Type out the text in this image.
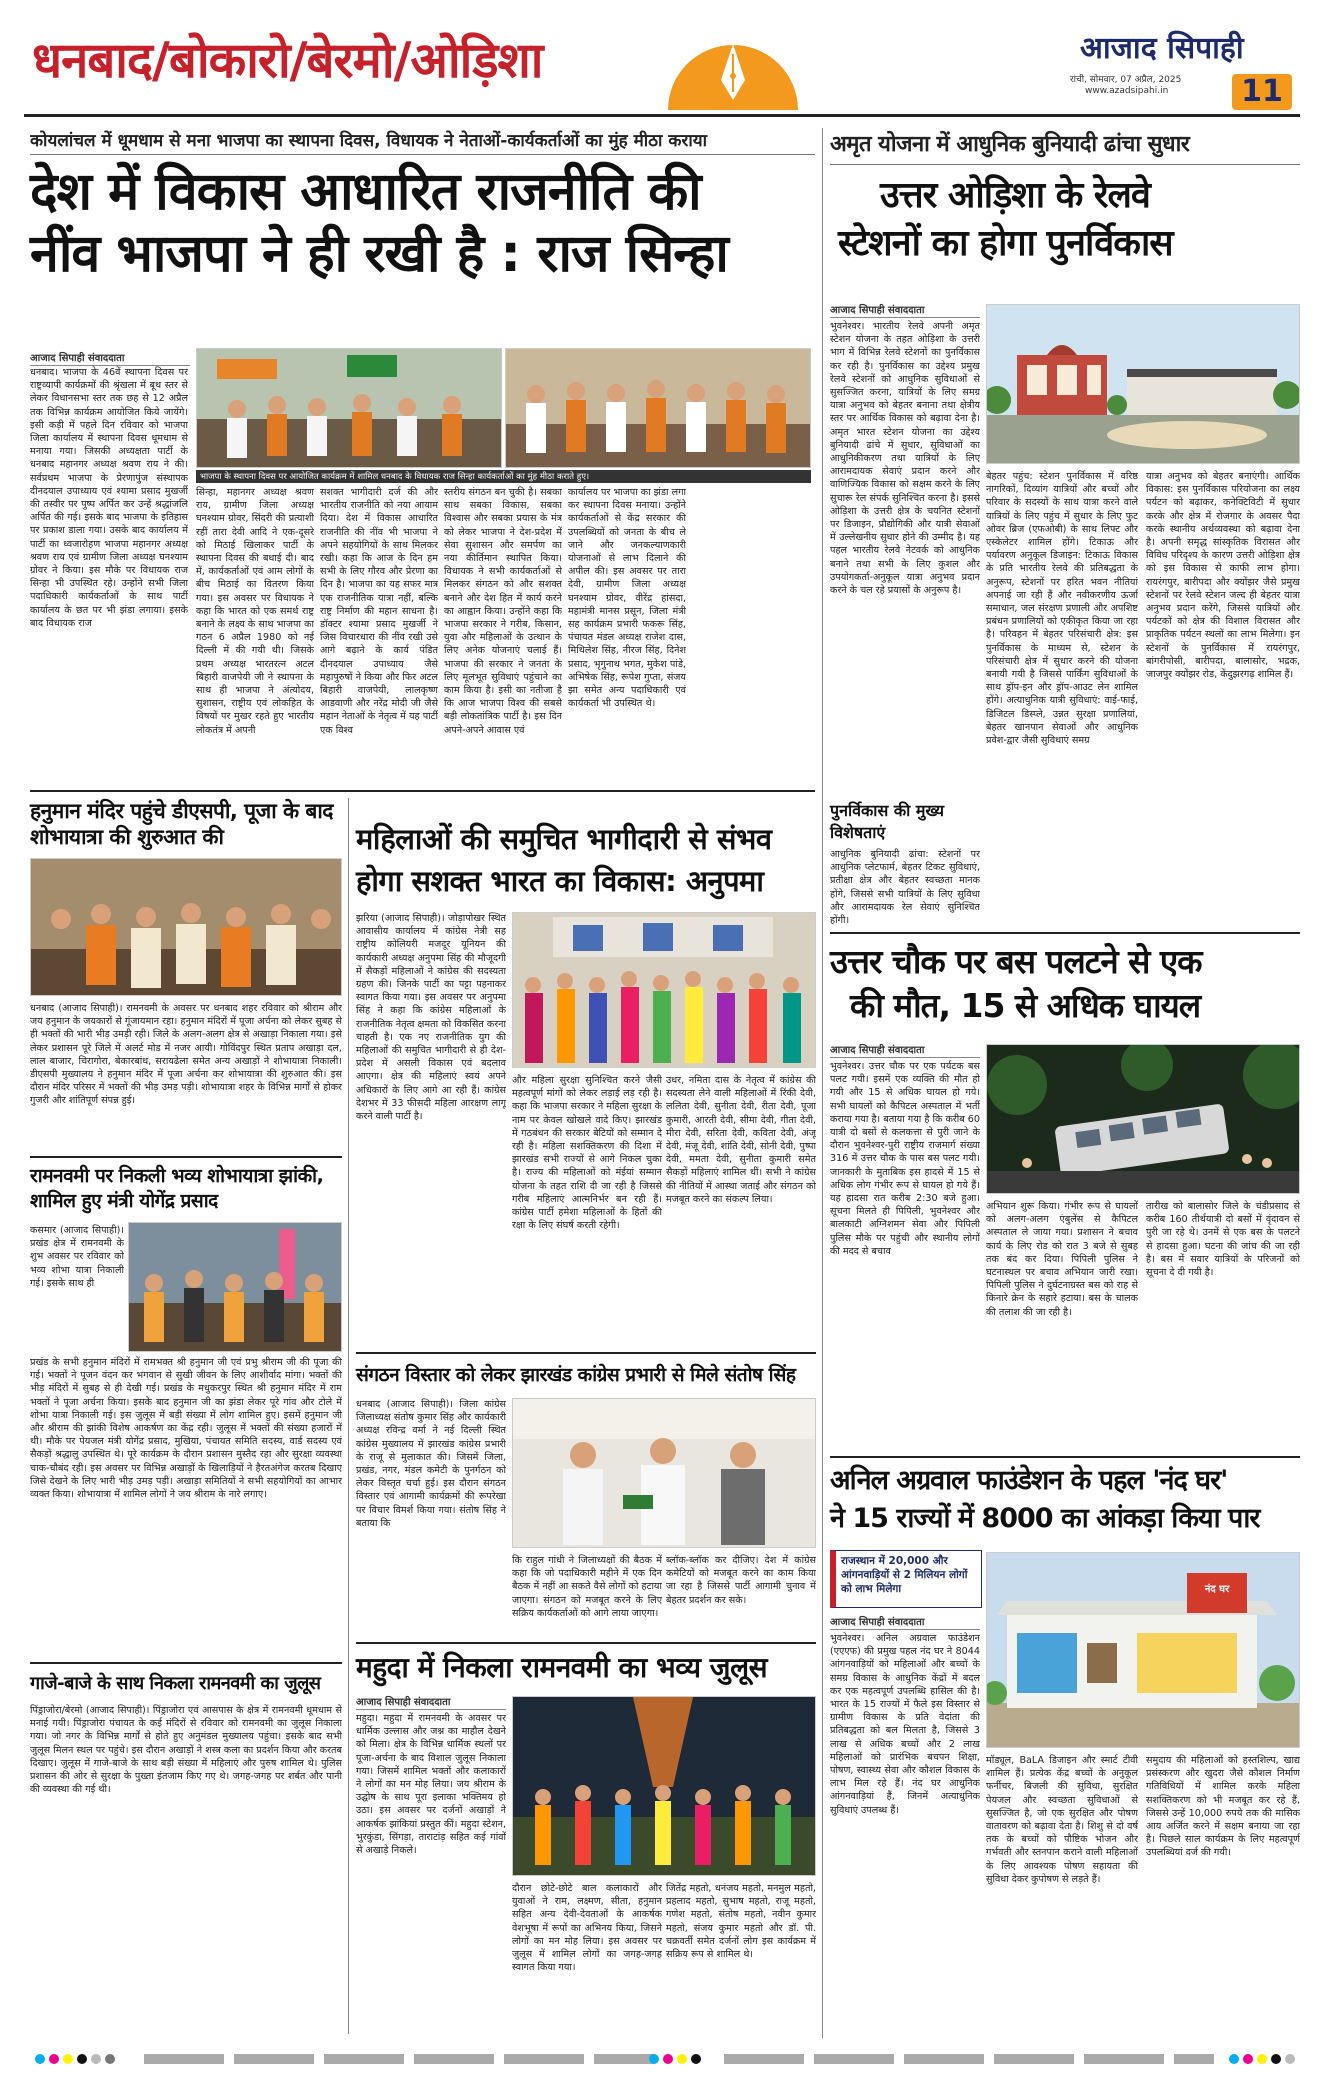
धनबाद/बोकारो/बेरमो/ओड़िशा	आजाद सिपाही
रांची, सोमवार, 07 अप्रैल, 2025
www.azadsipahi.in	11
कोयलांचल में धूमधाम से मना भाजपा का स्थापना दिवस, विधायक ने नेताओं-कार्यकर्ताओं का मुंह मीठा कराया
देश में विकास आधारित राजनीति की
नींव भाजपा ने ही रखी है : राज सिन्हा
आजाद सिपाही संवाददाता
धनबाद। भाजपा के 46वें स्थापना दिवस पर राष्ट्रव्यापी कार्यक्रमों की श्रृंखला में बूथ स्तर से लेकर विधानसभा स्तर तक छह से 12 अप्रैल तक विभिन्न कार्यक्रम आयोजित किये जायेंगे। इसी कड़ी में पहले दिन रविवार को भाजपा जिला कार्यालय में स्थापना दिवस धूमधाम से मनाया गया। जिसकी अध्यक्षता पार्टी के धनबाद महानगर अध्यक्ष श्रवण राय ने की। सर्वप्रथम भाजपा के प्रेरणापुंज संस्थापक दीनदयाल उपाध्याय एवं श्यामा प्रसाद मुखर्जी की तस्वीर पर पुष्प अर्पित कर उन्हें श्रद्धांजलि अर्पित की गई। इसके बाद भाजपा के इतिहास पर प्रकाश डाला गया। उसके बाद कार्यालय में पार्टी का ध्वजारोहण भाजपा महानगर अध्यक्ष श्रवण राय एवं ग्रामीण जिला अध्यक्ष घनश्याम ग्रोवर ने किया। इस मौके पर विधायक राज सिन्हा भी उपस्थित रहे। उन्होंने सभी जिला पदाधिकारी कार्यकर्ताओं के साथ पार्टी कार्यालय के छत पर भी झंडा लगाया। इसके बाद विधायक राज
भाजपा के स्थापना दिवस पर आयोजित कार्यक्रम में शामिल धनबाद के विधायक राज सिन्हा कार्यकर्ताओं का मुंह मीठा कराते हुए।
सिन्हा, महानगर अध्यक्ष श्रवण राय, ग्रामीण जिला अध्यक्ष घनश्याम ग्रोवर, सिंदरी की प्रत्याशी रहीं तारा देवी आदि ने एक-दूसरे को मिठाई खिलाकर पार्टी के स्थापना दिवस की बधाई दी। बाद में, कार्यकर्ताओं एवं आम लोगों के बीच मिठाई का वितरण किया गया। इस अवसर पर विधायक ने कहा कि भारत को एक समर्थ राष्ट्र बनाने के लक्ष्य के साथ भाजपा का गठन 6 अप्रैल 1980 को नई दिल्ली में की गयी थी। जिसके प्रथम अध्यक्ष भारतरत्न अटल बिहारी वाजपेयी जी ने स्थापना के साथ ही भाजपा ने अंत्योदय, सुशासन, राष्ट्रीय एवं लोकहित के विषयों पर मुखर रहते हुए भारतीय लोकतंत्र में अपनी
सशक्त भागीदारी दर्ज की और भारतीय राजनीति को नया आयाम दिया। देश में विकास आधारित राजनीति की नींव भी भाजपा ने अपने सहयोगियों के साथ मिलकर रखी। कहा कि आज के दिन हम सभी के लिए गौरव और प्रेरणा का दिन है। भाजपा का यह सफर मात्र एक राजनीतिक यात्रा नहीं, बल्कि राष्ट्र निर्माण की महान साधना है। डॉक्टर श्यामा प्रसाद मुखर्जी ने जिस विचारधारा की नींव रखी उसे आगे बढ़ाने के कार्य पंडित दीनदयाल उपाध्याय जैसे महापुरुषों ने किया और फिर अटल बिहारी वाजपेयी, लालकृष्ण आडवाणी और नरेंद्र मोदी जी जैसे महान नेताओं के नेतृत्व में यह पार्टी एक विश्व
स्तरीय संगठन बन चुकी है। सबका साथ सबका विकास, सबका विश्वास और सबका प्रयास के मंत्र को लेकर भाजपा ने देश-प्रदेश में सेवा सुशासन और समर्पण का नया कीर्तिमान स्थापित किया। विधायक ने सभी कार्यकर्ताओं से मिलकर संगठन को और सशक्त बनाने और देश हित में कार्य करने का आह्वान किया। उन्होंने कहा कि भाजपा सरकार ने गरीब, किसान, युवा और महिलाओं के उत्थान के लिए अनेक योजनाएं चलाई हैं। भाजपा की सरकार ने जनता के लिए मूलभूत सुविधाएं पहुंचाने का काम किया है। इसी का नतीजा है कि आज भाजपा विश्व की सबसे बड़ी लोकतांत्रिक पार्टी है। इस दिन अपने-अपने आवास एवं
कार्यालय पर भाजपा का झंडा लगा कर स्थापना दिवस मनाया। उन्होंने कार्यकर्ताओं से केंद्र सरकार की उपलब्धियों को जनता के बीच ले जाने और जनकल्याणकारी योजनाओं से लाभ दिलाने की अपील की। इस अवसर पर तारा देवी, ग्रामीण जिला अध्यक्ष घनश्याम ग्रोवर, वीरेंद्र हांसदा, महामंत्री मानस प्रसून, जिला मंत्री सह कार्यक्रम प्रभारी फकरू सिंह, पंचायत मंडल अध्यक्ष राजेश दास, मिथिलेश सिंह, नीरज सिंह, दिनेश प्रसाद, भृगुनाथ भगत, मुकेश पांडे, अभिषेक सिंह, रूपेश गुप्ता, संजय झा समेत अन्य पदाधिकारी एवं कार्यकर्ता भी उपस्थित थे।
हनुमान मंदिर पहुंचे डीएसपी, पूजा के बाद शोभायात्रा की शुरुआत की
धनबाद (आजाद सिपाही)। रामनवमी के अवसर पर धनबाद शहर रविवार को श्रीराम और जय हनुमान के जयकारों से गूंजायमान रहा। हनुमान मंदिरों में पूजा अर्चना को लेकर सुबह से ही भक्तों की भारी भीड़ उमड़ी रही। जिले के अलग-अलग क्षेत्र से अखाड़ा निकाला गया। इसे लेकर प्रशासन पूरे जिले में अलर्ट मोड में नजर आयी। गोविंदपुर स्थित प्रताप अखाड़ा दल, लाल बाजार, चिरागोरा, बेकारबांध, सरायढेला समेत अन्य अखाड़ों ने शोभायात्रा निकाली। डीएसपी मुख्यालय ने हनुमान मंदिर में पूजा अर्चना कर शोभायात्रा की शुरुआत की। इस दौरान मंदिर परिसर में भक्तों की भीड़ उमड़ पड़ी। शोभायात्रा शहर के विभिन्न मार्गों से होकर गुजरी और शांतिपूर्ण संपन्न हुई।
रामनवमी पर निकली भव्य शोभायात्रा झांकी, शामिल हुए मंत्री योगेंद्र प्रसाद
कसमार (आजाद सिपाही)। प्रखंड क्षेत्र में रामनवमी के शुभ अवसर पर रविवार को भव्य शोभा यात्रा निकाली गई। इसके साथ ही
प्रखंड के सभी हनुमान मंदिरों में रामभक्त श्री हनुमान जी एवं प्रभु श्रीराम जी की पूजा की गई। भक्तों ने पूजन वंदन कर भगवान से सुखी जीवन के लिए आशीर्वाद मांगा। भक्तों की भीड़ मंदिरों में सुबह से ही देखी गई। प्रखंड के मधुकरपुर स्थित श्री हनुमान मंदिर में राम भक्तों ने पूजा अर्चना किया। इसके बाद हनुमान जी का झंडा लेकर पूरे गांव और टोले में शोभा यात्रा निकाली गई। इस जुलूस में बड़ी संख्या में लोग शामिल हुए। इसमें हनुमान जी और श्रीराम की झांकी विशेष आकर्षण का केंद्र रही। जुलूस में भक्तों की संख्या हजारों में थी। मौके पर पेयजल मंत्री योगेंद्र प्रसाद, मुखिया, पंचायत समिति सदस्य, वार्ड सदस्य एवं सैकड़ों श्रद्धालु उपस्थित थे। पूरे कार्यक्रम के दौरान प्रशासन मुस्तैद रहा और सुरक्षा व्यवस्था चाक-चौबंद रही। इस अवसर पर विभिन्न अखाड़ों के खिलाड़ियों ने हैरतअंगेज करतब दिखाए जिसे देखने के लिए भारी भीड़ उमड़ पड़ी। अखाड़ा समितियों ने सभी सहयोगियों का आभार व्यक्त किया। शोभायात्रा में शामिल लोगों ने जय श्रीराम के नारे लगाए।
गाजे-बाजे के साथ निकला रामनवमी का जुलूस
पिंड्राजोरा/बेरमो (आजाद सिपाही)। पिंड्राजोरा एवं आसपास के क्षेत्र में रामनवमी धूमधाम से मनाई गयी। पिंड्राजोरा पंचायत के कई मंदिरों से रविवार को रामनवमी का जुलूस निकाला गया। जो नगर के विभिन्न मार्गों से होते हुए अनुमंडल मुख्यालय पहुंचा। इसके बाद सभी जुलूस मिलन स्थल पर पहुंचे। इस दौरान अखाड़ों ने शस्त्र कला का प्रदर्शन किया और करतब दिखाए। जुलूस में गाजे-बाजे के साथ बड़ी संख्या में महिलाएं और पुरुष शामिल थे। पुलिस प्रशासन की ओर से सुरक्षा के पुख्ता इंतजाम किए गए थे। जगह-जगह पर शर्बत और पानी की व्यवस्था की गई थी।
महिलाओं की समुचित भागीदारी से संभव
होगा सशक्त भारत का विकास: अनुपमा
झरिया (आजाद सिपाही)। जोड़ापोखर स्थित आवासीय कार्यालय में कांग्रेस नेत्री सह राष्ट्रीय कोलियरी मजदूर यूनियन की कार्यकारी अध्यक्ष अनुपमा सिंह की मौजूदगी में सैकड़ों महिलाओं ने कांग्रेस की सदस्यता ग्रहण की। जिनके पार्टी का पट्टा पहनाकर स्वागत किया गया। इस अवसर पर अनुपमा सिंह ने कहा कि कांग्रेस महिलाओं के राजनीतिक नेतृत्व क्षमता को विकसित करना चाहती है। एक नए राजनीतिक युग की महिलाओं की समुचित भागीदारी से ही देश-प्रदेश में असली विकास एवं बदलाव आएगा। क्षेत्र की महिलाएं स्वयं अपने अधिकारों के लिए आगे आ रही हैं। कांग्रेस देशभर में 33 फीसदी महिला आरक्षण लागू करने वाली पार्टी है।
और महिला सुरक्षा सुनिश्चित करने जैसी महत्वपूर्ण मांगों को लेकर लड़ाई लड़ रही है। कहा कि भाजपा सरकार ने महिला सुरक्षा के नाम पर केवल खोखले वादे किए। झारखंड में गठबंधन की सरकार बेटियों को सम्मान दे रही है। महिला सशक्तिकरण की दिशा में झारखंड सभी राज्यों से आगे निकल चुका है। राज्य की महिलाओं को मंईयां सम्मान योजना के तहत राशि दी जा रही है जिससे गरीब महिलाएं आत्मनिर्भर बन रही हैं। कांग्रेस पार्टी हमेशा महिलाओं के हितों की रक्षा के लिए संघर्ष करती रहेगी।
उधर, नमिता दास के नेतृत्व में कांग्रेस की सदस्यता लेने वाली महिलाओं में रिंकी देवी, ललिता देवी, सुनीता देवी, रीता देवी, पूजा कुमारी, आरती देवी, सीमा देवी, गीता देवी, मीरा देवी, सरिता देवी, कविता देवी, अंजू देवी, मंजू देवी, शांति देवी, सोनी देवी, पुष्पा देवी, ममता देवी, सुनीता कुमारी समेत सैकड़ों महिलाएं शामिल थीं। सभी ने कांग्रेस की नीतियों में आस्था जताई और संगठन को मजबूत करने का संकल्प लिया।
संगठन विस्तार को लेकर झारखंड कांग्रेस प्रभारी से मिले संतोष सिंह
धनबाद (आजाद सिपाही)। जिला कांग्रेस जिलाध्यक्ष संतोष कुमार सिंह और कार्यकारी अध्यक्ष रविन्द्र वर्मा ने नई दिल्ली स्थित कांग्रेस मुख्यालय में झारखंड कांग्रेस प्रभारी के राजू से मुलाकात की। जिसमें जिला, प्रखंड, नगर, मंडल कमेटी के पुनर्गठन को लेकर विस्तृत चर्चा हुई। इस दौरान संगठन विस्तार एवं आगामी कार्यक्रमों की रूपरेखा पर विचार विमर्श किया गया। संतोष सिंह ने बताया कि
कि राहुल गांधी ने जिलाध्यक्षों की बैठक में कहा कि जो पदाधिकारी महीने में एक दिन बैठक में नहीं आ सकते वैसे लोगों को हटाया जाएगा। संगठन को मजबूत करने के लिए सक्रिय कार्यकर्ताओं को आगे लाया जाएगा।
ब्लॉक-ब्लॉक कर दीजिए। देश में कांग्रेस कमेटियों को मजबूत करने का काम किया जा रहा है जिससे पार्टी आगामी चुनाव में बेहतर प्रदर्शन कर सके।
महुदा में निकला रामनवमी का भव्य जुलूस
आजाद सिपाही संवाददाता
महुदा। महुदा में रामनवमी के अवसर पर धार्मिक उल्लास और जश्न का माहौल देखने को मिला। क्षेत्र के विभिन्न धार्मिक स्थलों पर पूजा-अर्चना के बाद विशाल जुलूस निकाला गया। जिसमें शामिल भक्तों और कलाकारों ने लोगों का मन मोह लिया। जय श्रीराम के उद्घोष के साथ पूरा इलाका भक्तिमय हो उठा। इस अवसर पर दर्जनों अखाड़ों ने आकर्षक झांकियां प्रस्तुत कीं। महुदा स्टेशन, भुरकुंडा, सिंगड़ा, ताराटांड़ सहित कई गांवों से अखाड़े निकले।
दौरान छोटे-छोटे बाल कलाकारों और युवाओं ने राम, लक्ष्मण, सीता, हनुमान सहित अन्य देवी-देवताओं के आकर्षक वेशभूषा में रूपों का अभिनय किया, जिसने लोगों का मन मोह लिया। इस अवसर पर जुलूस में शामिल लोगों का जगह-जगह स्वागत किया गया।
जितेंद्र महतो, धनंजय महतो, मनमुल महतो, प्रहलाद महतो, सुभाष महतो, राजू महतो, गणेश महतो, संतोष महतो, नवीन कुमार महतो, संजय कुमार महतो और डॉ. पी. चक्रवर्ती समेत दर्जनों लोग इस कार्यक्रम में सक्रिय रूप से शामिल थे।
अमृत योजना में आधुनिक बुनियादी ढांचा सुधार
उत्तर ओड़िशा के रेलवे
स्टेशनों का होगा पुनर्विकास
आजाद सिपाही संवाददाता
भुवनेश्वर। भारतीय रेलवे अपनी अमृत स्टेशन योजना के तहत ओड़िशा के उत्तरी भाग में विभिन्न रेलवे स्टेशनों का पुनर्विकास कर रही है। पुनर्विकास का उद्देश्य प्रमुख रेलवे स्टेशनों को आधुनिक सुविधाओं से सुसज्जित करना, यात्रियों के लिए समग्र यात्रा अनुभव को बेहतर बनाना तथा क्षेत्रीय स्तर पर आर्थिक विकास को बढ़ावा देना है। अमृत भारत स्टेशन योजना का उद्देश्य बुनियादी ढांचे में सुधार, सुविधाओं का आधुनिकीकरण तथा यात्रियों के लिए आरामदायक सेवाएं प्रदान करने और वाणिज्यिक विकास को सक्षम करने के लिए सुचारू रेल संपर्क सुनिश्चित करना है। इससे ओड़िशा के उत्तरी क्षेत्र के चयनित स्टेशनों पर डिजाइन, प्रौद्योगिकी और यात्री सेवाओं में उल्लेखनीय सुधार होने की उम्मीद है। यह पहल भारतीय रेलवे नेटवर्क को आधुनिक बनाने तथा सभी के लिए कुशल और उपयोगकर्ता-अनुकूल यात्रा अनुभव प्रदान करने के चल रहे प्रयासों के अनुरूप है।
बेहतर पहुंच: स्टेशन पुनर्विकास में वरिष्ठ नागरिकों, दिव्यांग यात्रियों और बच्चों और परिवार के सदस्यों के साथ यात्रा करने वाले यात्रियों के लिए पहुंच में सुधार के लिए फुट ओवर ब्रिज (एफओबी) के साथ लिफ्ट और एस्केलेटर शामिल होंगे। टिकाऊ और पर्यावरण अनुकूल डिजाइन: टिकाऊ विकास के प्रति भारतीय रेलवे की प्रतिबद्धता के अनुरूप, स्टेशनों पर हरित भवन नीतियां अपनाई जा रही हैं और नवीकरणीय ऊर्जा समाधान, जल संरक्षण प्रणाली और अपशिष्ट प्रबंधन प्रणालियों को एकीकृत किया जा रहा है। परिवहन में बेहतर परिसंचारी क्षेत्र: इस पुनर्विकास के माध्यम से, स्टेशन के परिसंचारी क्षेत्र में सुधार करने की योजना बनायी गयी है जिससे पार्किंग सुविधाओं के साथ ड्रॉप-इन और ड्रॉप-आउट लेन शामिल होंगे। अत्याधुनिक यात्री सुविधाएं: वाई-फाई, डिजिटल डिस्प्ले, उन्नत सुरक्षा प्रणालियां, बेहतर खानपान सेवाओं और आधुनिक प्रवेश-द्वार जैसी सुविधाएं समग्र
यात्रा अनुभव को बेहतर बनाएंगी। आर्थिक विकास: इस पुनर्विकास परियोजना का लक्ष्य पर्यटन को बढ़ाकर, कनेक्टिविटी में सुधार करके और क्षेत्र में रोजगार के अवसर पैदा करके स्थानीय अर्थव्यवस्था को बढ़ावा देना है। अपनी समृद्ध सांस्कृतिक विरासत और विविध परिदृश्य के कारण उत्तरी ओड़िशा क्षेत्र को इस विकास से काफी लाभ होगा। रायरंगपुर, बारीपदा और क्योंझर जैसे प्रमुख स्टेशनों पर रेलवे स्टेशन जल्द ही बेहतर यात्रा अनुभव प्रदान करेंगे, जिससे यात्रियों और पर्यटकों को क्षेत्र की विशाल विरासत और प्राकृतिक पर्यटन स्थलों का लाभ मिलेगा। इन स्टेशनों के पुनर्विकास में रायरंगपुर, बांगरीपोसी, बारीपदा, बालासोर, भद्रक, जाजपुर क्योंझर रोड, केंदुझरगढ़ शामिल हैं।
पुनर्विकास की मुख्य विशेषताएं
आधुनिक बुनियादी ढांचा: स्टेशनों पर आधुनिक प्लेटफार्म, बेहतर टिकट सुविधाएं, प्रतीक्षा क्षेत्र और बेहतर स्वच्छता मानक होंगे, जिससे सभी यात्रियों के लिए सुविधा और आरामदायक रेल सेवाएं सुनिश्चित होंगी।
उत्तर चौक पर बस पलटने से एक
की मौत, 15 से अधिक घायल
आजाद सिपाही संवाददाता
भुवनेश्वर। उत्तर चौक पर एक पर्यटक बस पलट गयी। इसमें एक व्यक्ति की मौत हो गयी और 15 से अधिक घायल हो गये। सभी घायलों को कैपिटल अस्पताल में भर्ती कराया गया है। बताया गया है कि करीब 60 यात्री दो बसों से कलकत्ता से पुरी जाने के दौरान भुवनेश्वर-पुरी राष्ट्रीय राजमार्ग संख्या 316 में उत्तर चौक के पास बस पलट गयी। जानकारी के मुताबिक इस हादसे में 15 से अधिक लोग गंभीर रूप से घायल हो गये हैं। यह हादसा रात करीब 2:30 बजे हुआ। सूचना मिलते ही पिपिली, भुवनेश्वर और बालकाटी अग्निशमन सेवा और पिपिली पुलिस मौके पर पहुंची और स्थानीय लोगों की मदद से बचाव
अभियान शुरू किया। गंभीर रूप से घायलों को अलग-अलग एंबुलेंस से कैपिटल अस्पताल ले जाया गया। प्रशासन ने बचाव कार्य के लिए रोड को रात 3 बजे से सुबह तक बंद कर दिया। पिपिली पुलिस ने घटनास्थल पर बचाव अभियान जारी रखा। पिपिली पुलिस ने दुर्घटनाग्रस्त बस को राह से किनारे क्रेन के सहारे हटाया। बस के चालक की तलाश की जा रही है।
तारीख को बालासोर जिले के चंडीप्रसाद से करीब 160 तीर्थयात्री दो बसों में वृंदावन से पुरी जा रहे थे। उनमें से एक बस के पलटने से हादसा हुआ। घटना की जांच की जा रही है। बस में सवार यात्रियों के परिजनों को सूचना दे दी गयी है।
अनिल अग्रवाल फाउंडेशन के पहल 'नंद घर'
ने 15 राज्यों में 8000 का आंकड़ा किया पार
राजस्थान में 20,000 और आंगनवाड़ियों से 2 मिलियन लोगों को लाभ मिलेगा
आजाद सिपाही संवाददाता
भुवनेश्वर। अनिल अग्रवाल फाउंडेशन (एएएफ) की प्रमुख पहल नंद घर ने 8044 आंगनवाड़ियों को महिलाओं और बच्चों के समग्र विकास के आधुनिक केंद्रों में बदल कर एक महत्वपूर्ण उपलब्धि हासिल की है। भारत के 15 राज्यों में फैले इस विस्तार से ग्रामीण विकास के प्रति वेदांता की प्रतिबद्धता को बल मिलता है, जिससे 3 लाख से अधिक बच्चों और 2 लाख महिलाओं को प्रारंभिक बचपन शिक्षा, पोषण, स्वास्थ्य सेवा और कौशल विकास के लाभ मिल रहे हैं। नंद घर आधुनिक आंगनवाड़ियां हैं, जिनमें अत्याधुनिक सुविधाएं उपलब्ध हैं।
नंद घर
मॉड्यूल, BaLA डिजाइन और स्मार्ट टीवी शामिल हैं। प्रत्येक केंद्र बच्चों के अनुकूल फर्नीचर, बिजली की सुविधा, सुरक्षित पेयजल और स्वच्छता सुविधाओं से सुसज्जित है, जो एक सुरक्षित और पोषण वातावरण को बढ़ावा देता है। शिशु से दो वर्ष तक के बच्चों को पौष्टिक भोजन और गर्भवती और स्तनपान कराने वाली महिलाओं के लिए आवश्यक पोषण सहायता की सुविधा देकर कुपोषण से लड़ते हैं।
समुदाय की महिलाओं को हस्तशिल्प, खाद्य प्रसंस्करण और खुदरा जैसे कौशल निर्माण गतिविधियों में शामिल करके महिला सशक्तिकरण को भी मजबूत कर रहे हैं, जिससे उन्हें 10,000 रुपये तक की मासिक आय अर्जित करने में सक्षम बनाया जा रहा है। पिछले साल कार्यक्रम के लिए महत्वपूर्ण उपलब्धियां दर्ज की गयी।
